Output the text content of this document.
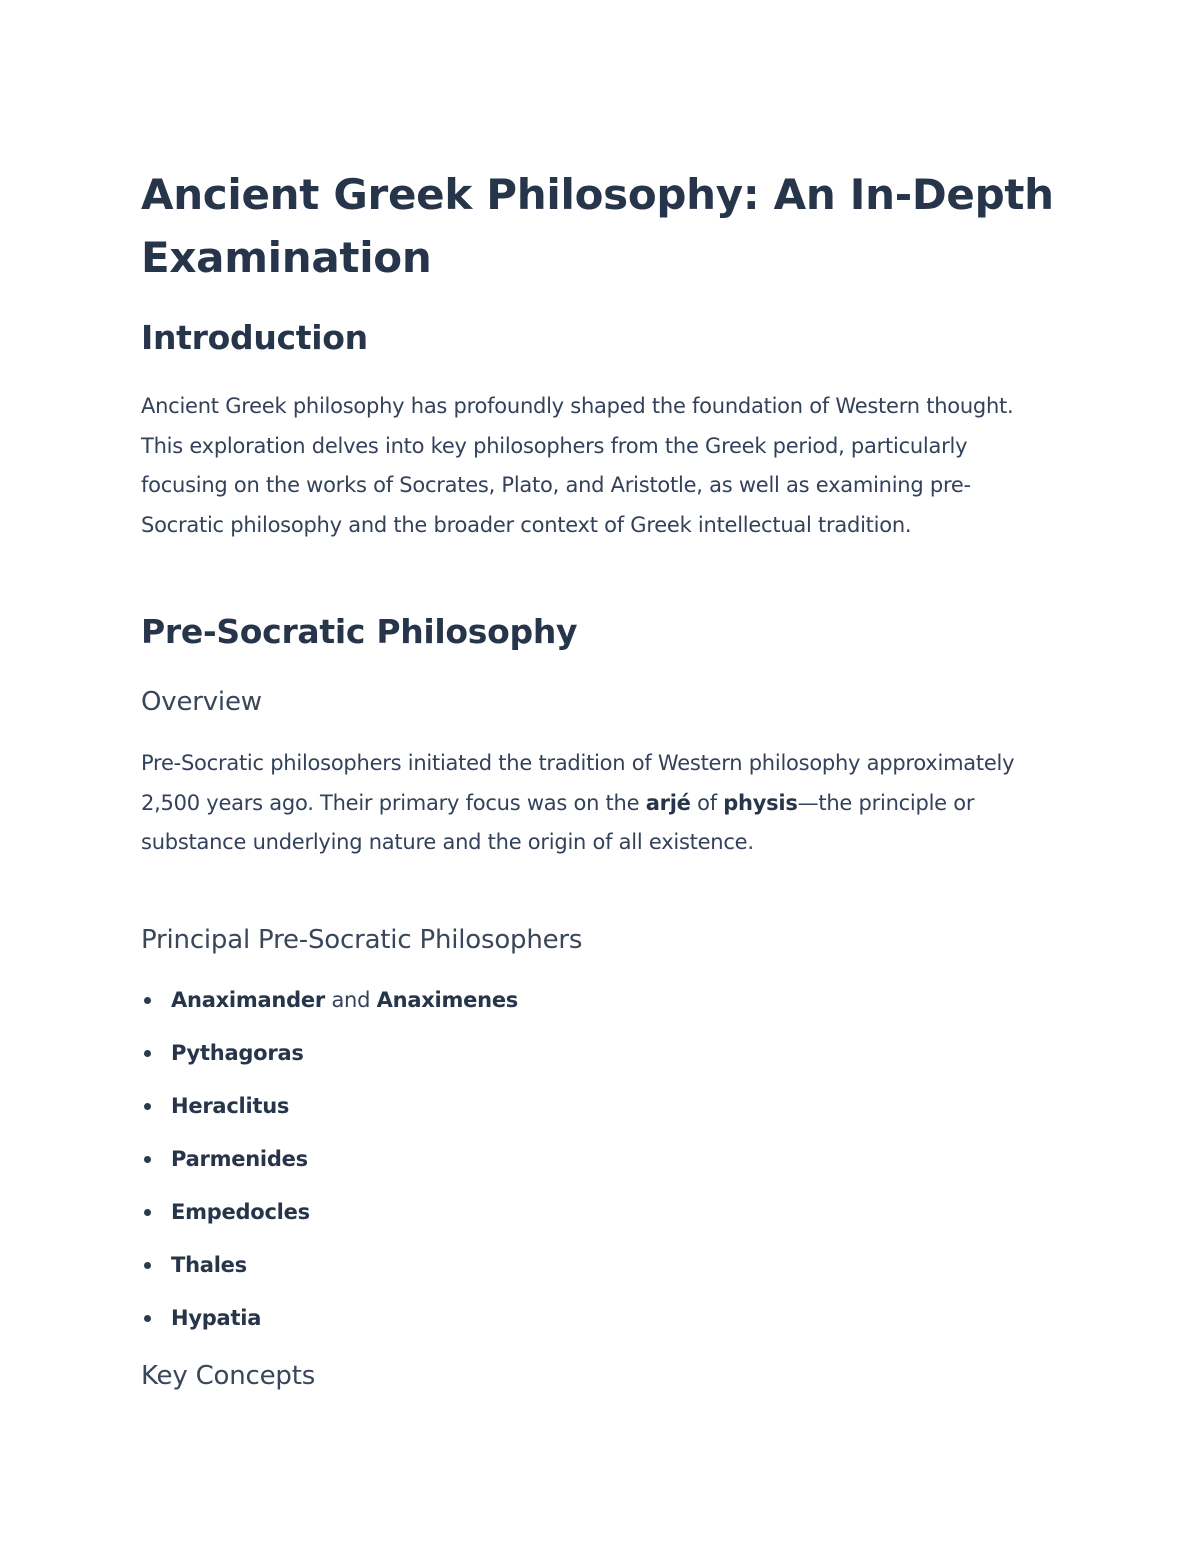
Ancient Greek Philosophy: An In-Depth Examination
Introduction

Ancient Greek philosophy has profoundly shaped the foundation of Western thought. This exploration delves into key philosophers from the Greek period, particularly focusing on the works of Socrates, Plato, and Aristotle, as well as examining pre-Socratic philosophy and the broader context of Greek intellectual tradition.

Pre-Socratic Philosophy
Overview

Pre-Socratic philosophers initiated the tradition of Western philosophy approximately 2,500 years ago. Their primary focus was on the arjé of physis—the principle or substance underlying nature and the origin of all existence.

Principal Pre-Socratic Philosophers
Anaximander and Anaximenes
Pythagoras
Heraclitus
Parmenides
Empedocles
Thales
Hypatia
Key Concepts
